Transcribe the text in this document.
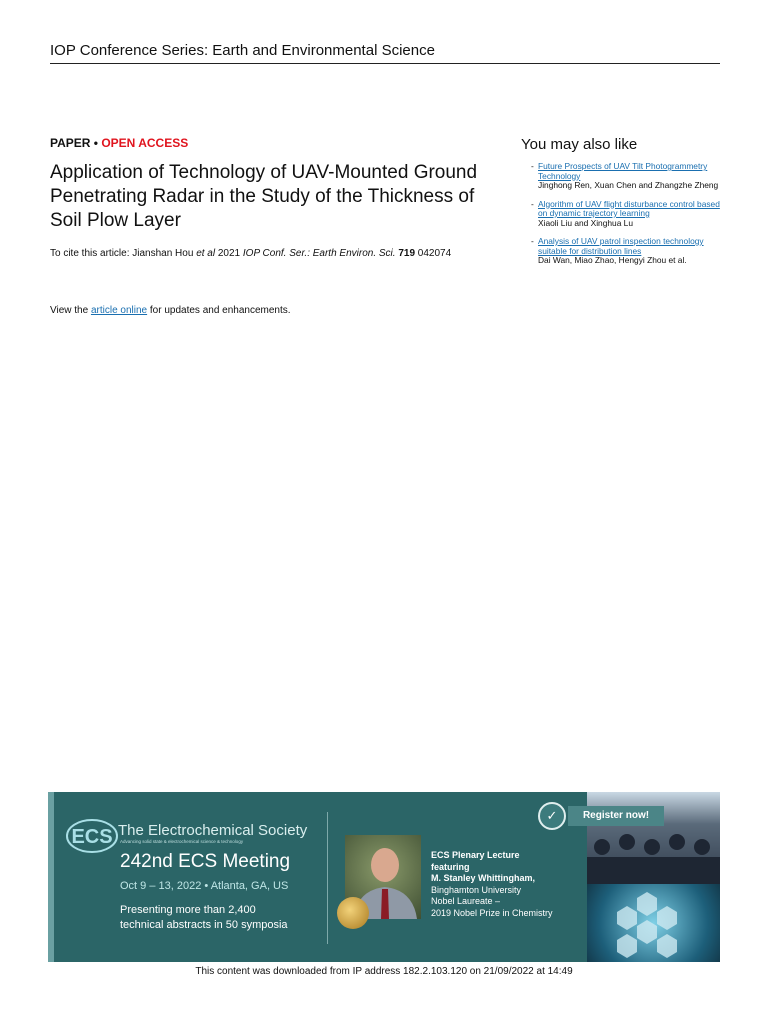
IOP Conference Series: Earth and Environmental Science
PAPER • OPEN ACCESS
Application of Technology of UAV-Mounted Ground Penetrating Radar in the Study of the Thickness of Soil Plow Layer
To cite this article: Jianshan Hou et al 2021 IOP Conf. Ser.: Earth Environ. Sci. 719 042074
View the article online for updates and enhancements.
You may also like
- Future Prospects of UAV Tilt Photogrammetry Technology
Jinghong Ren, Xuan Chen and Zhangzhe Zheng
- Algorithm of UAV flight disturbance control based on dynamic trajectory learning
Xiaoli Liu and Xinghua Lu
- Analysis of UAV patrol inspection technology suitable for distribution lines
Dai Wan, Miao Zhao, Hengyi Zhou et al.
ECS The Electrochemical Society
Advancing solid state & electrochemical science & technology
242nd ECS Meeting
Oct 9 – 13, 2022 • Atlanta, GA, US
Presenting more than 2,400
technical abstracts in 50 symposia
ECS Plenary Lecture
featuring
M. Stanley Whittingham,
Binghamton University
Nobel Laureate –
2019 Nobel Prize in Chemistry
✓	Register now!
This content was downloaded from IP address 182.2.103.120 on 21/09/2022 at 14:49
